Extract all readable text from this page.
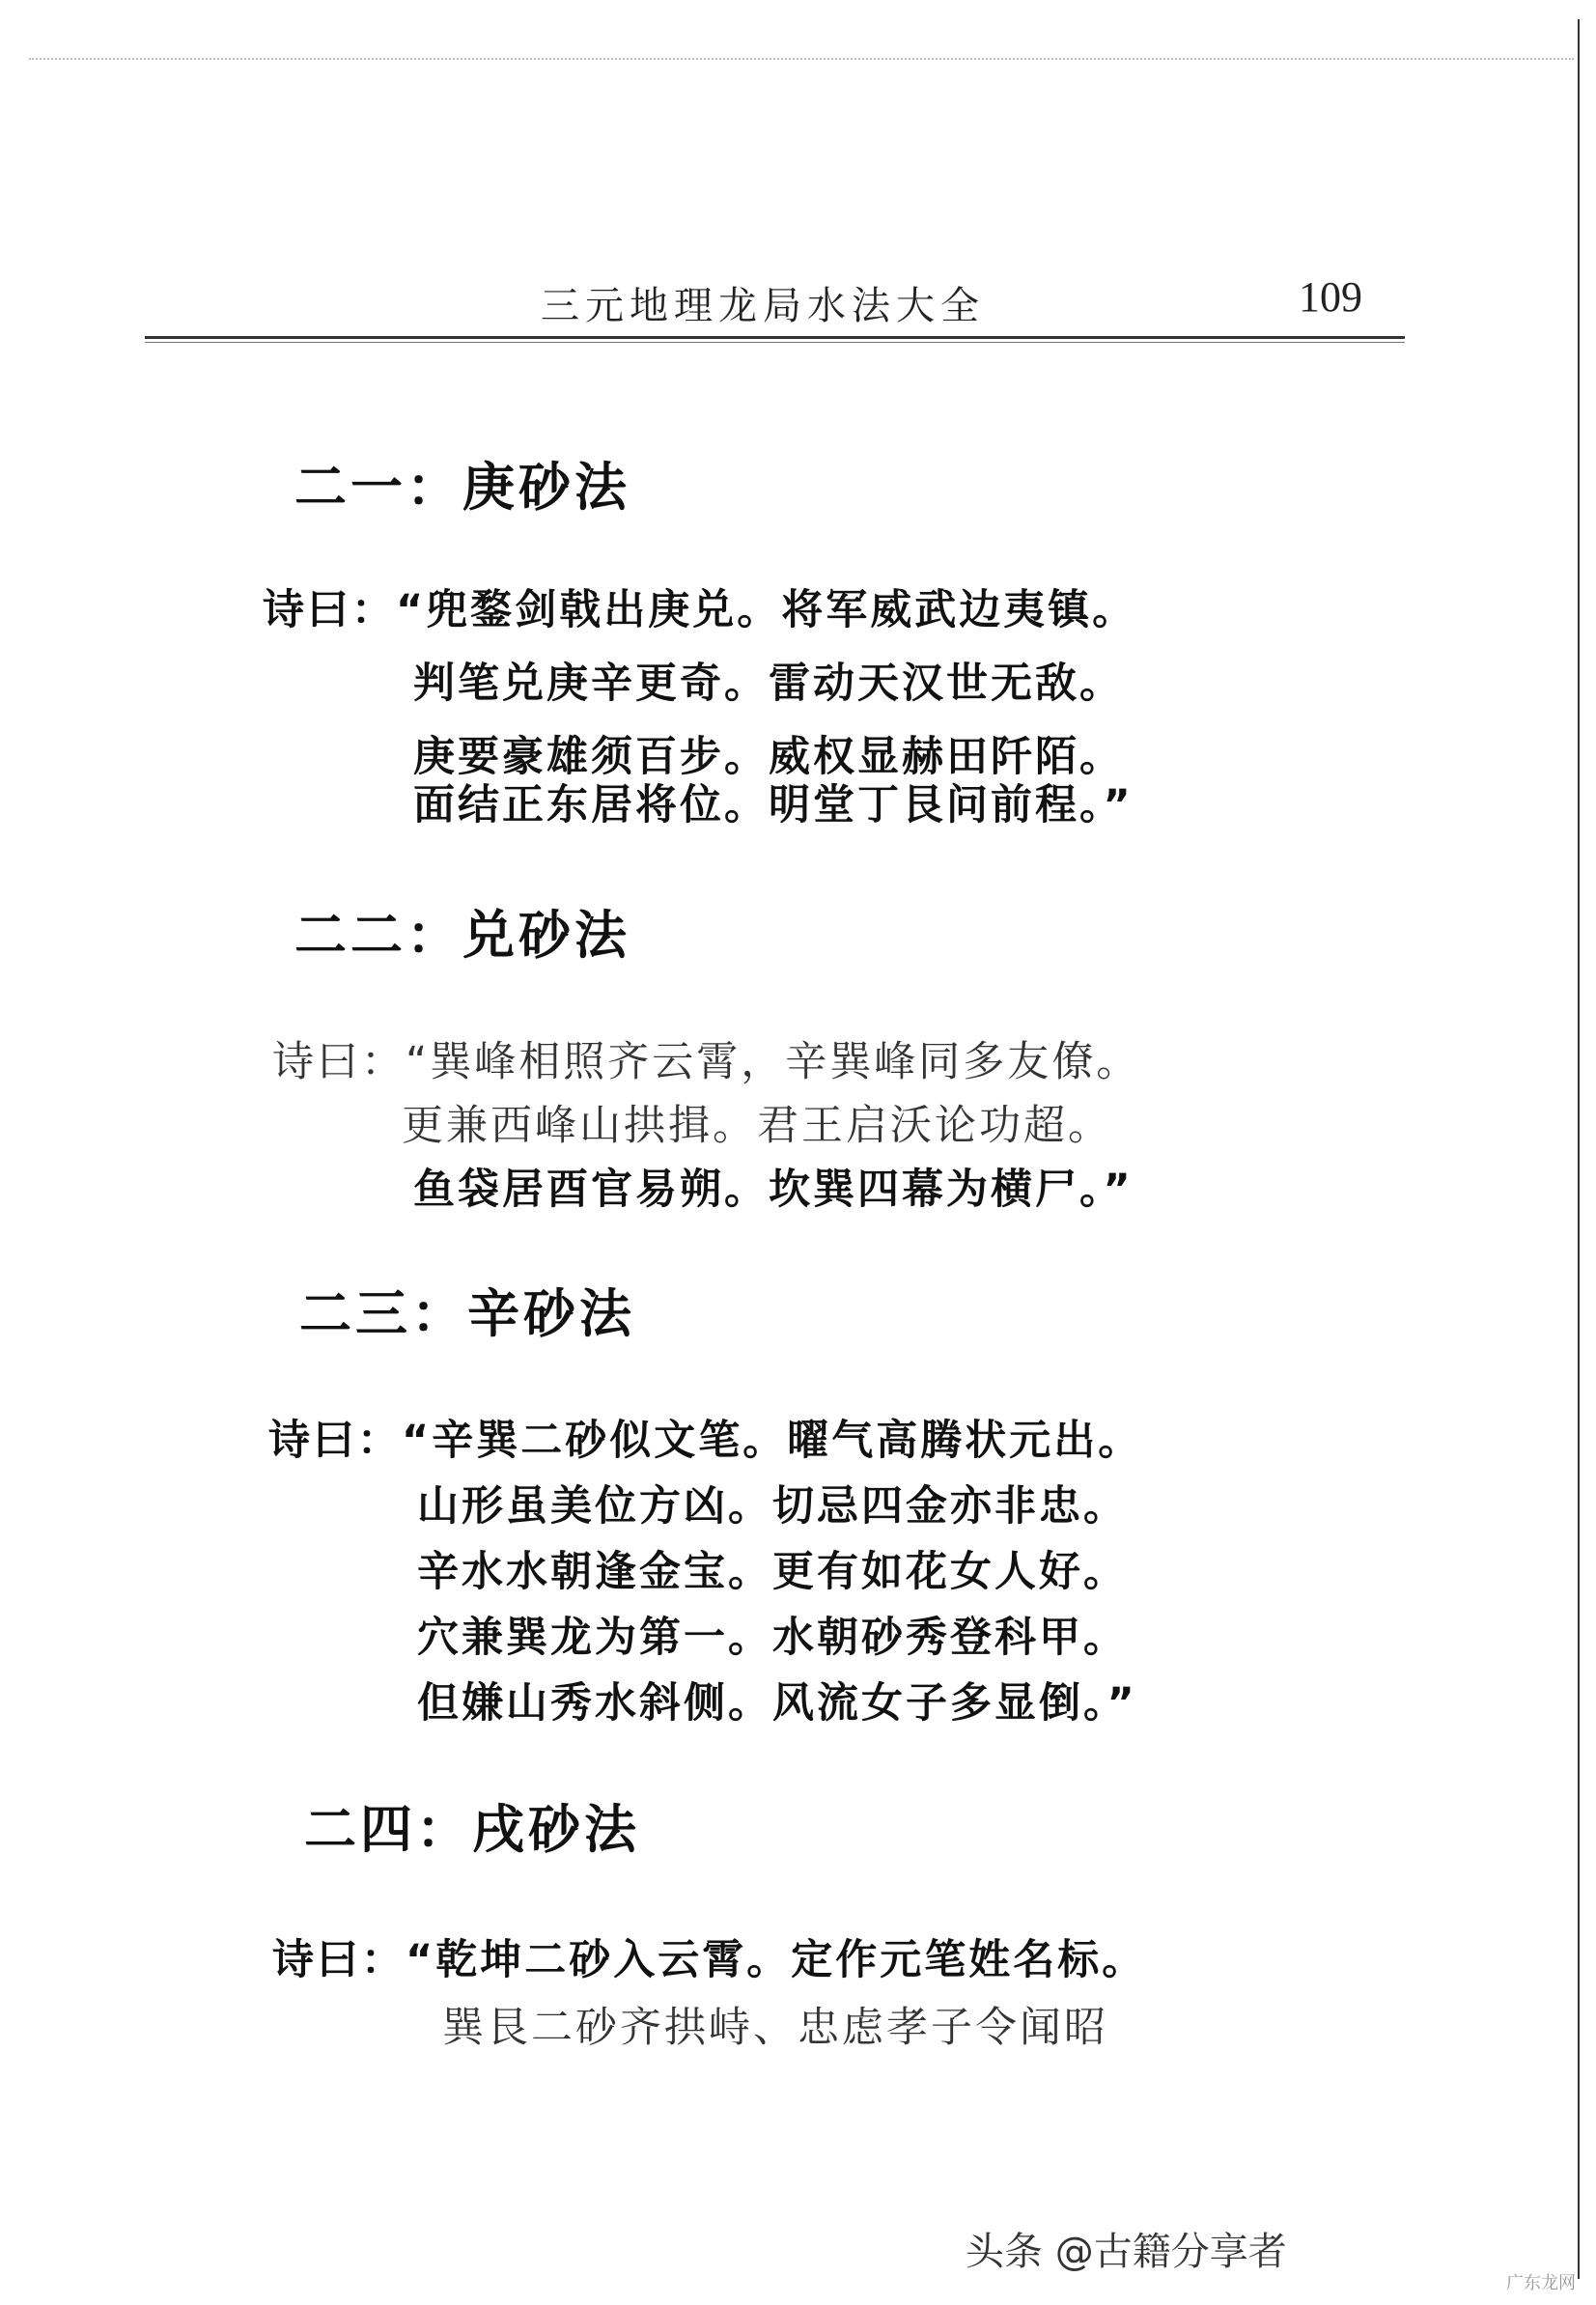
三元地理龙局水法大全	109
二一：庚砂法
诗曰：“兜鍪剑戟出庚兑。将军威武边夷镇。
判笔兑庚辛更奇。雷动天汉世无敌。
庚要豪雄须百步。威权显赫田阡陌。
面结正东居将位。明堂丁艮问前程。”
二二：兑砂法
诗曰：“巽峰相照齐云霄，辛巽峰同多友僚。
更兼西峰山拱揖。君王启沃论功超。
鱼袋居酉官易朔。坎巽四幕为横尸。”
二三：辛砂法
诗曰：“辛巽二砂似文笔。曜气高腾状元出。
山形虽美位方凶。切忌四金亦非忠。
辛水水朝逢金宝。更有如花女人好。
穴兼巽龙为第一。水朝砂秀登科甲。
但嫌山秀水斜侧。风流女子多显倒。”
二四：戌砂法
诗曰：“乾坤二砂入云霄。定作元笔姓名标。
巽艮二砂齐拱峙、忠虑孝子令闻昭
头条 @古籍分享者
广东龙网
